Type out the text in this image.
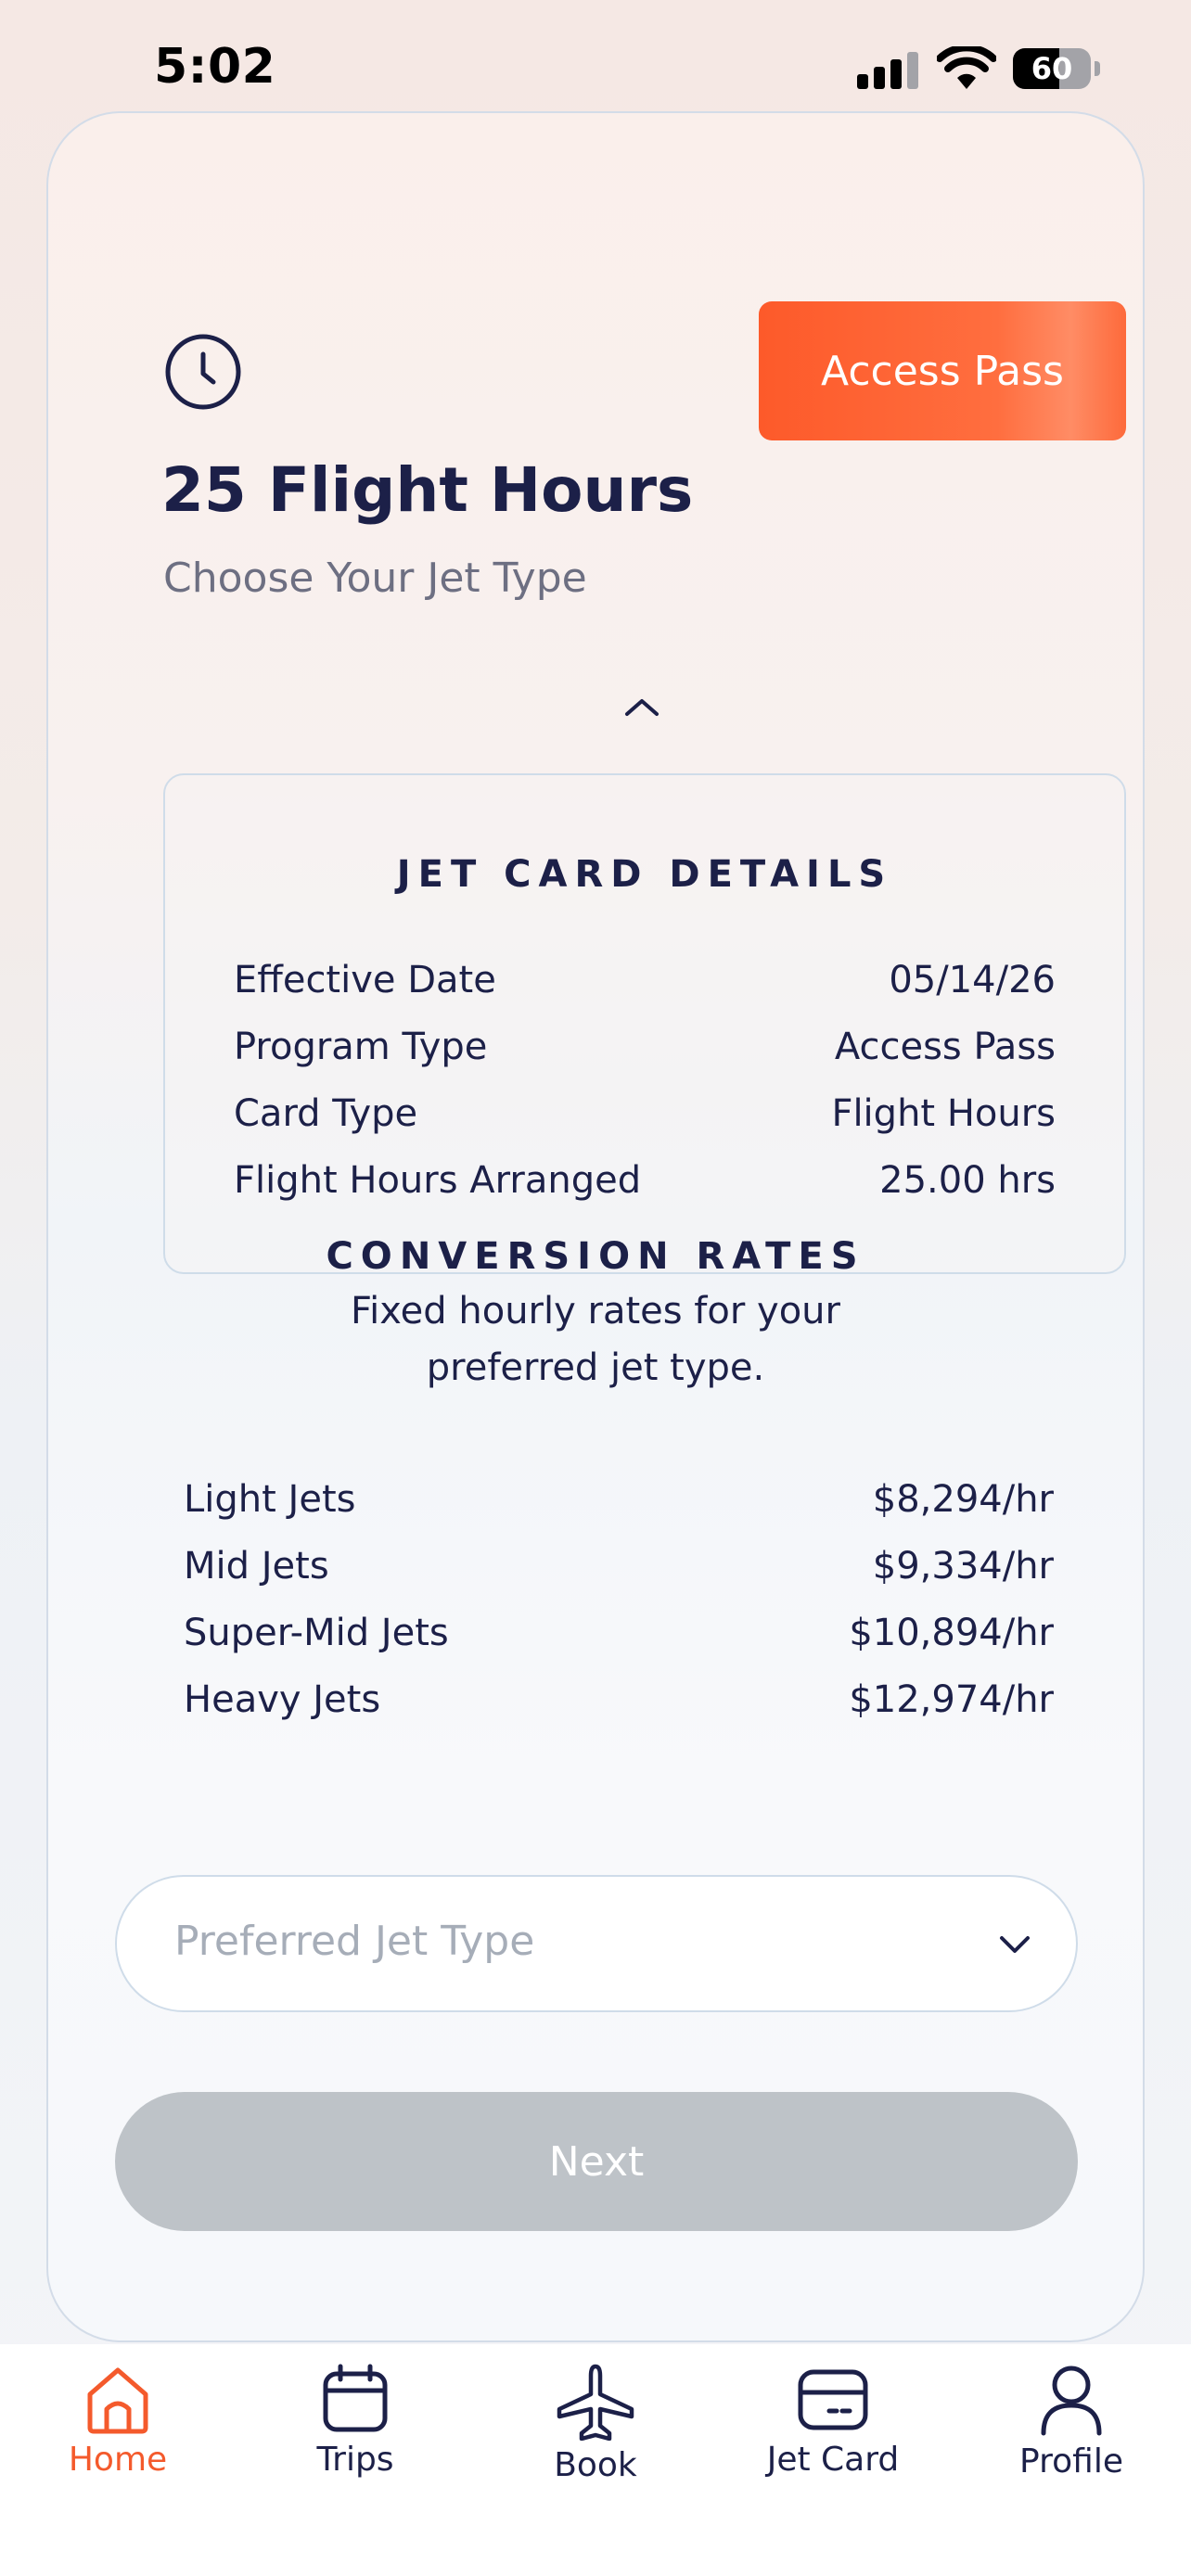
5:02	60
Access Pass
25 Flight Hours
Choose Your Jet Type
JET CARD DETAILS
Effective Date	05/14/26
Program Type	Access Pass
Card Type	Flight Hours
Flight Hours Arranged	25.00 hrs
CONVERSION RATES
Fixed hourly rates for your
preferred jet type.
Light Jets	$8,294/hr
Mid Jets	$9,334/hr
Super-Mid Jets	$10,894/hr
Heavy Jets	$12,974/hr
Preferred Jet Type
Next
Home	Trips	Book	Jet Card	Profile
